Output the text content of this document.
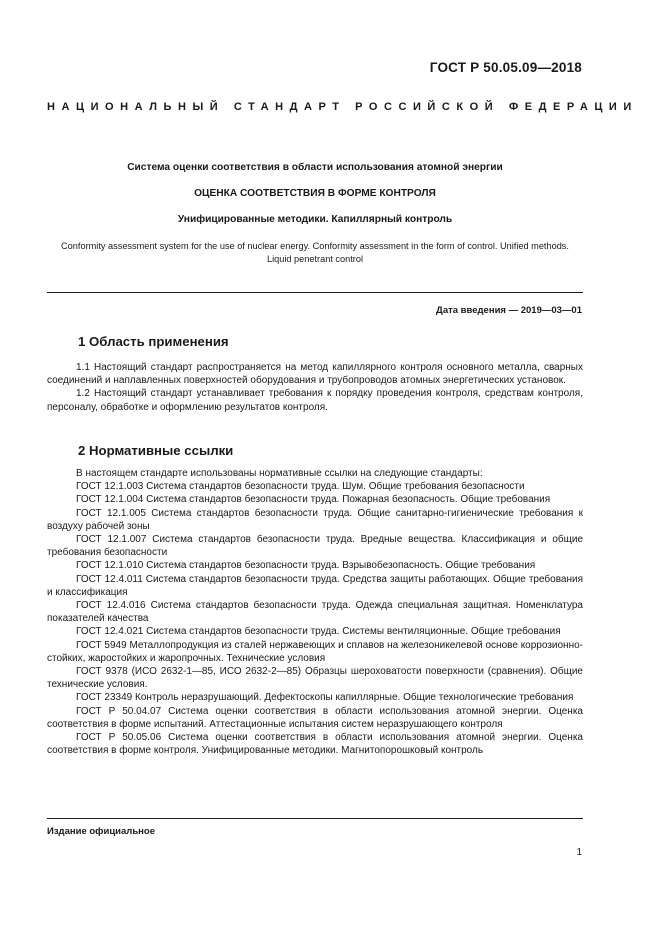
ГОСТ Р 50.05.09—2018
НАЦИОНАЛЬНЫЙ СТАНДАРТ РОССИЙСКОЙ ФЕДЕРАЦИИ
Система оценки соответствия в области использования атомной энергии
ОЦЕНКА СООТВЕТСТВИЯ В ФОРМЕ КОНТРОЛЯ
Унифицированные методики. Капиллярный контроль
Conformity assessment system for the use of nuclear energy. Conformity assessment in the form of control. Unified methods. Liquid penetrant control
Дата введения — 2019—03—01
1 Область применения

1.1 Настоящий стандарт распространяется на метод капиллярного контроля основного металла, сварных соединений и наплавленных поверхностей оборудования и трубопроводов атомных энергетических установок.

1.2 Настоящий стандарт устанавливает требования к порядку проведения контроля, средствам контроля, персоналу, обработке и оформлению результатов контроля.

2 Нормативные ссылки

В настоящем стандарте использованы нормативные ссылки на следующие стандарты:

ГОСТ 12.1.003 Система стандартов безопасности труда. Шум. Общие требования безопасности

ГОСТ 12.1.004 Система стандартов безопасности труда. Пожарная безопасность. Общие требования

ГОСТ 12.1.005 Система стандартов безопасности труда. Общие санитарно-гигиенические требования к воздуху рабочей зоны

ГОСТ 12.1.007 Система стандартов безопасности труда. Вредные вещества. Классификация и общие требования безопасности

ГОСТ 12.1.010 Система стандартов безопасности труда. Взрывобезопасность. Общие требования

ГОСТ 12.4.011 Система стандартов безопасности труда. Средства защиты работающих. Общие требования и классификация

ГОСТ 12.4.016 Система стандартов безопасности труда. Одежда специальная защитная. Номенклатура показателей качества

ГОСТ 12.4.021 Система стандартов безопасности труда. Системы вентиляционные. Общие требования

ГОСТ 5949 Металлопродукция из сталей нержавеющих и сплавов на железоникелевой основе коррозионно-стойких, жаростойких и жаропрочных. Технические условия

ГОСТ 9378 (ИСО 2632-1—85, ИСО 2632-2—85) Образцы шероховатости поверхности (сравнения). Общие технические условия.

ГОСТ 23349 Контроль неразрушающий. Дефектоскопы капиллярные. Общие технологические требования

ГОСТ Р 50.04.07 Система оценки соответствия в области использования атомной энергии. Оценка соответствия в форме испытаний. Аттестационные испытания систем неразрушающего контроля

ГОСТ Р 50.05.06 Система оценки соответствия в области использования атомной энергии. Оценка соответствия в форме контроля. Унифицированные методики. Магнитопорошковый контроль

Издание официальное
1
